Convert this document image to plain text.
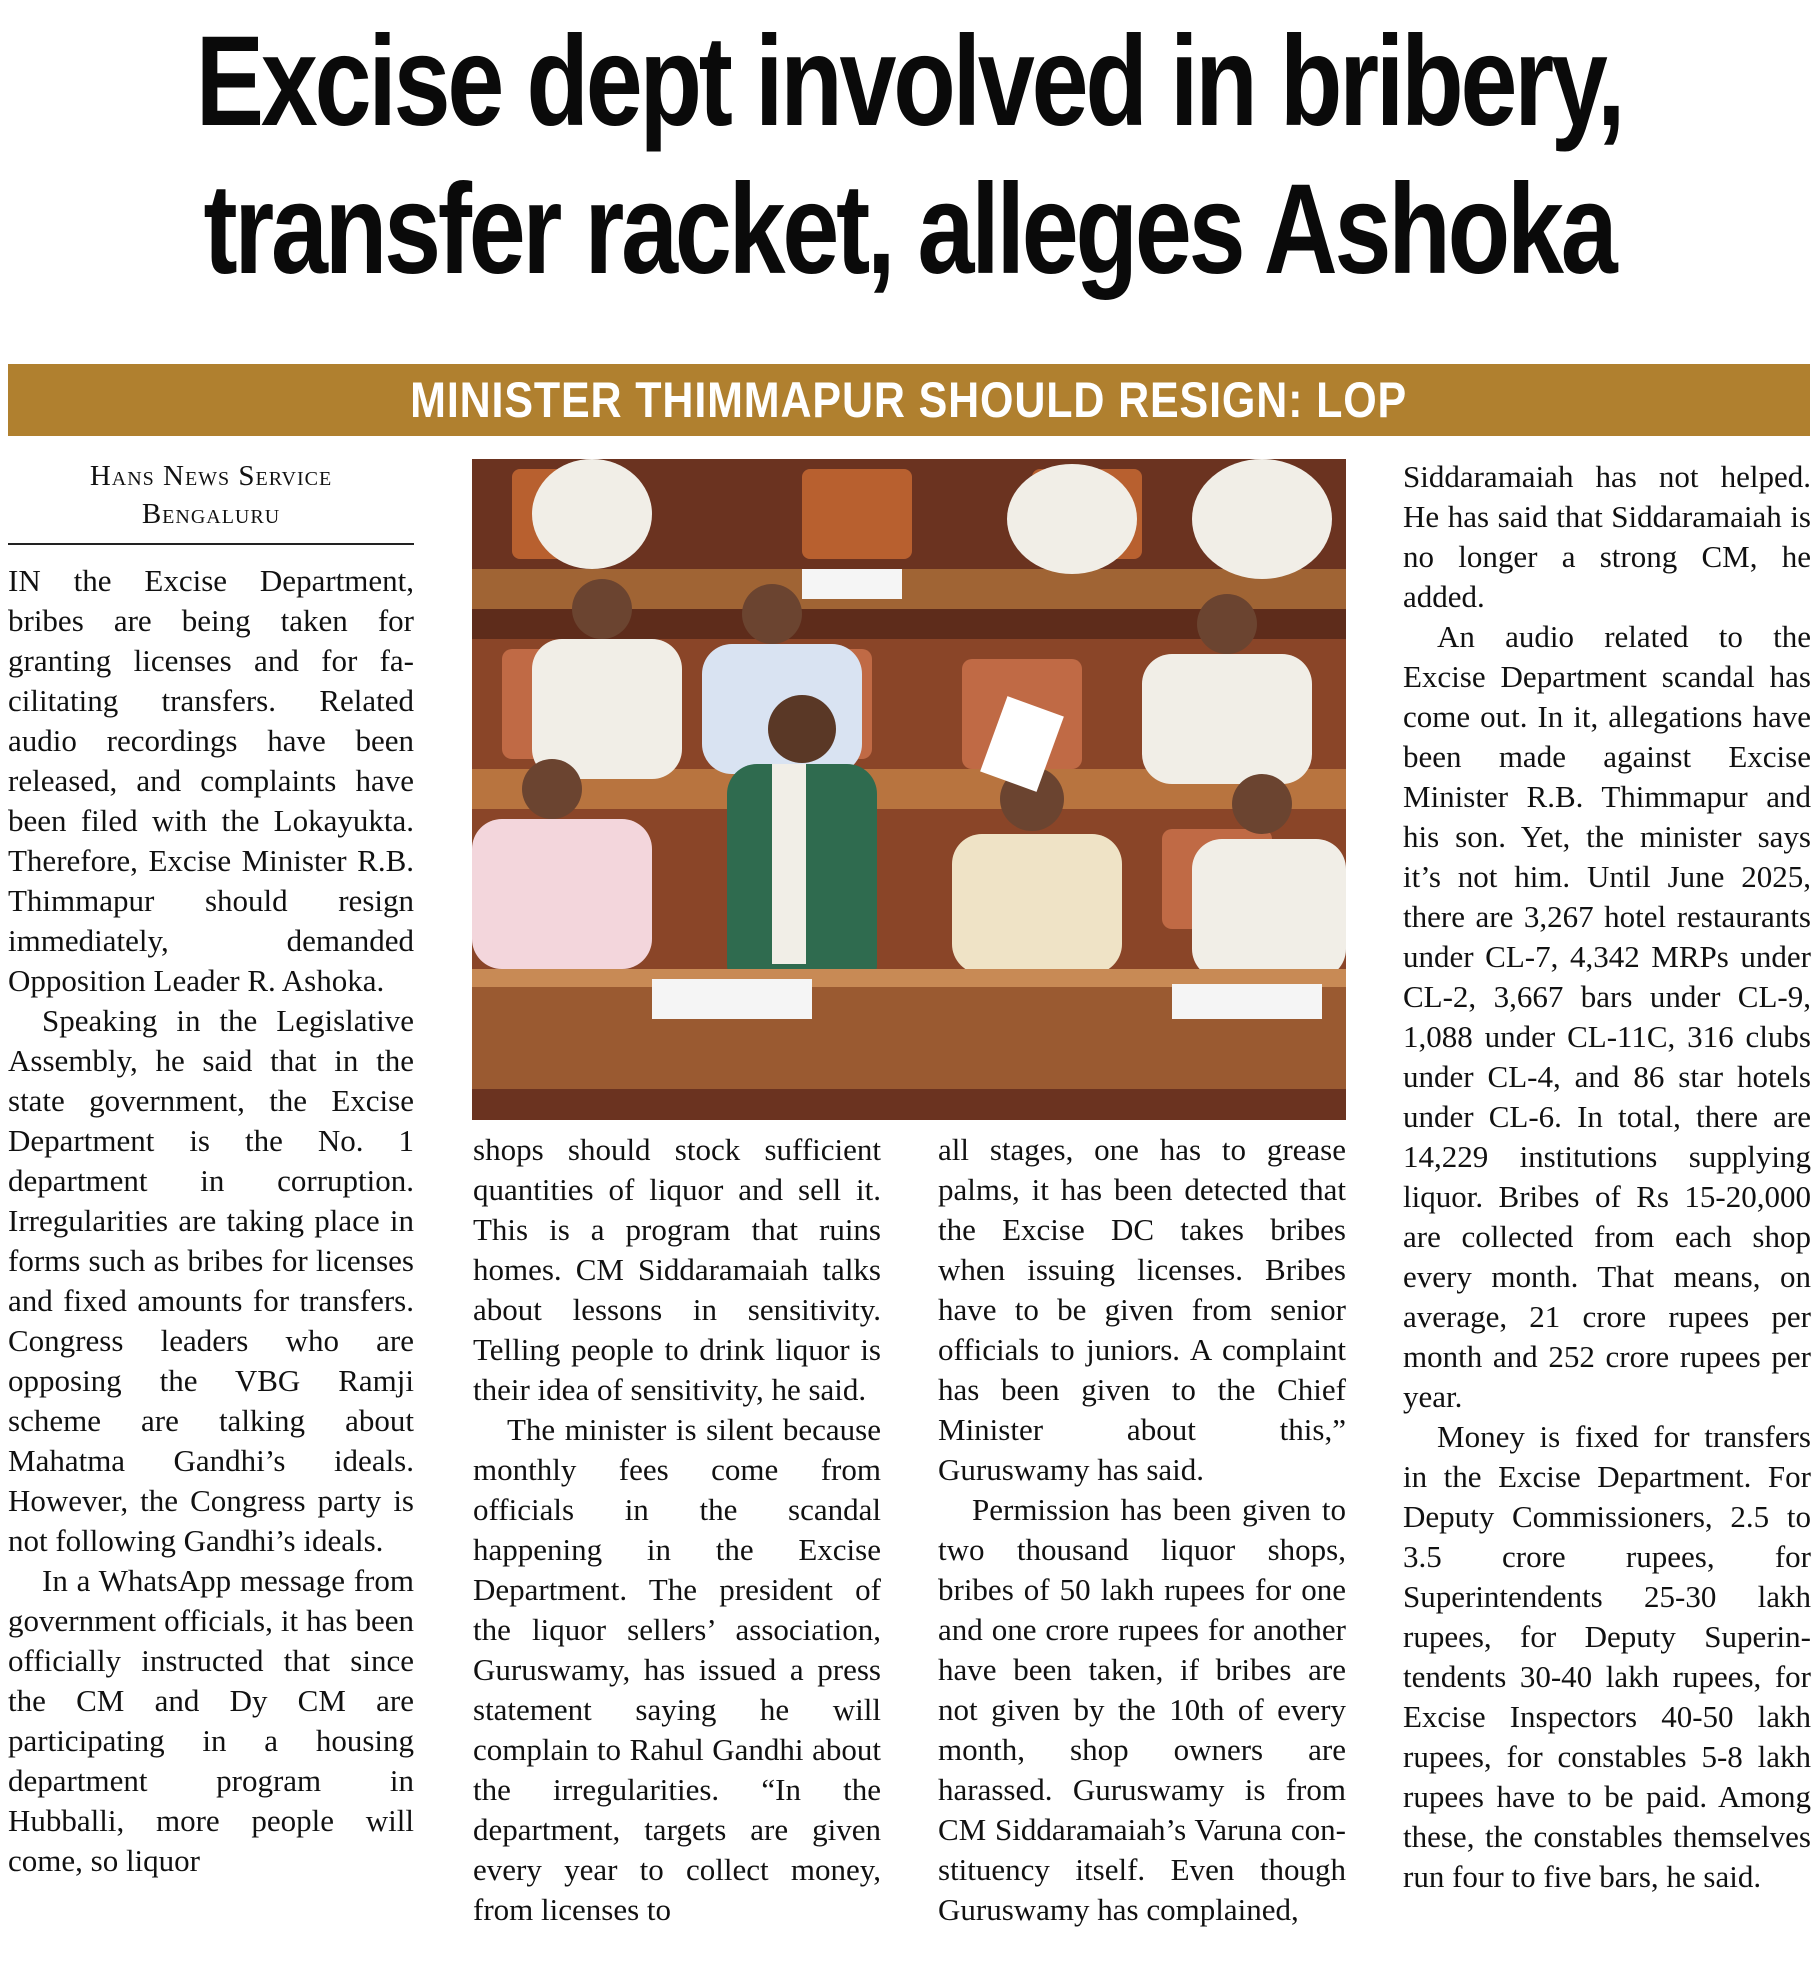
Excise dept involved in bribery, transfer racket, alleges Ashoka
MINISTER THIMMAPUR SHOULD RESIGN: LOP
Hans News Service
Bengaluru

IN the Excise Department, bribes are being taken for granting licenses and for facilitating transfers. Related audio recordings have been released, and complaints have been filed with the Lokayukta. Therefore, Excise Minister R.B. Thimmapur should resign immediately, demanded Opposition Leader R. Ashoka.

Speaking in the Legislative Assembly, he said that in the state government, the Excise Department is the No. 1 department in corruption. Irregularities are taking place in forms such as bribes for licenses and fixed amounts for transfers. Congress leaders who are opposing the VBG Ramji scheme are talking about Mahatma Gandhi’s ideals. However, the Congress party is not following Gandhi’s ideals.

In a WhatsApp message from government officials, it has been officially instructed that since the CM and Dy CM are participating in a housing department program in Hubballi, more people will come, so liquor

shops should stock sufficient quantities of liquor and sell it. This is a program that ruins homes. CM Siddaramaiah talks about lessons in sensitivity. Telling people to drink liquor is their idea of sensitivity, he said.

The minister is silent because monthly fees come from officials in the scandal happening in the Excise Department. The president of the liquor sellers’ association, Guruswamy, has issued a press statement saying he will complain to Rahul Gandhi about the irregularities. “In the department, targets are given every year to collect money, from licenses to

all stages, one has to grease palms, it has been detected that the Excise DC takes bribes when issuing licenses. Bribes have to be given from senior officials to juniors. A complaint has been given to the Chief Minister about this,” Guruswamy has said.

Permission has been given to two thousand liquor shops, bribes of 50 lakh rupees for one and one crore rupees for another have been taken, if bribes are not given by the 10th of every month, shop owners are harassed. Guruswamy is from CM Siddaramaiah’s Varuna constituency itself. Even though Guruswamy has complained,

Siddaramaiah has not helped. He has said that Siddaramaiah is no longer a strong CM, he added.

An audio related to the Excise Department scandal has come out. In it, allegations have been made against Excise Minister R.B. Thimmapur and his son. Yet, the minister says it’s not him. Until June 2025, there are 3,267 hotel restaurants under CL-7, 4,342 MRPs under CL-2, 3,667 bars under CL-9, 1,088 under CL-11C, 316 clubs under CL-4, and 86 star hotels under CL-6. In total, there are 14,229 institutions supplying liquor. Bribes of Rs 15-20,000 are collected from each shop every month. That means, on average, 21 crore rupees per month and 252 crore rupees per year.

Money is fixed for transfers in the Excise Department. For Deputy Commissioners, 2.5 to 3.5 crore rupees, for Superintendents 25-30 lakh rupees, for Deputy Superintendents 30-40 lakh rupees, for Excise Inspectors 40-50 lakh rupees, for constables 5-8 lakh rupees have to be paid. Among these, the constables themselves run four to five bars, he said.
